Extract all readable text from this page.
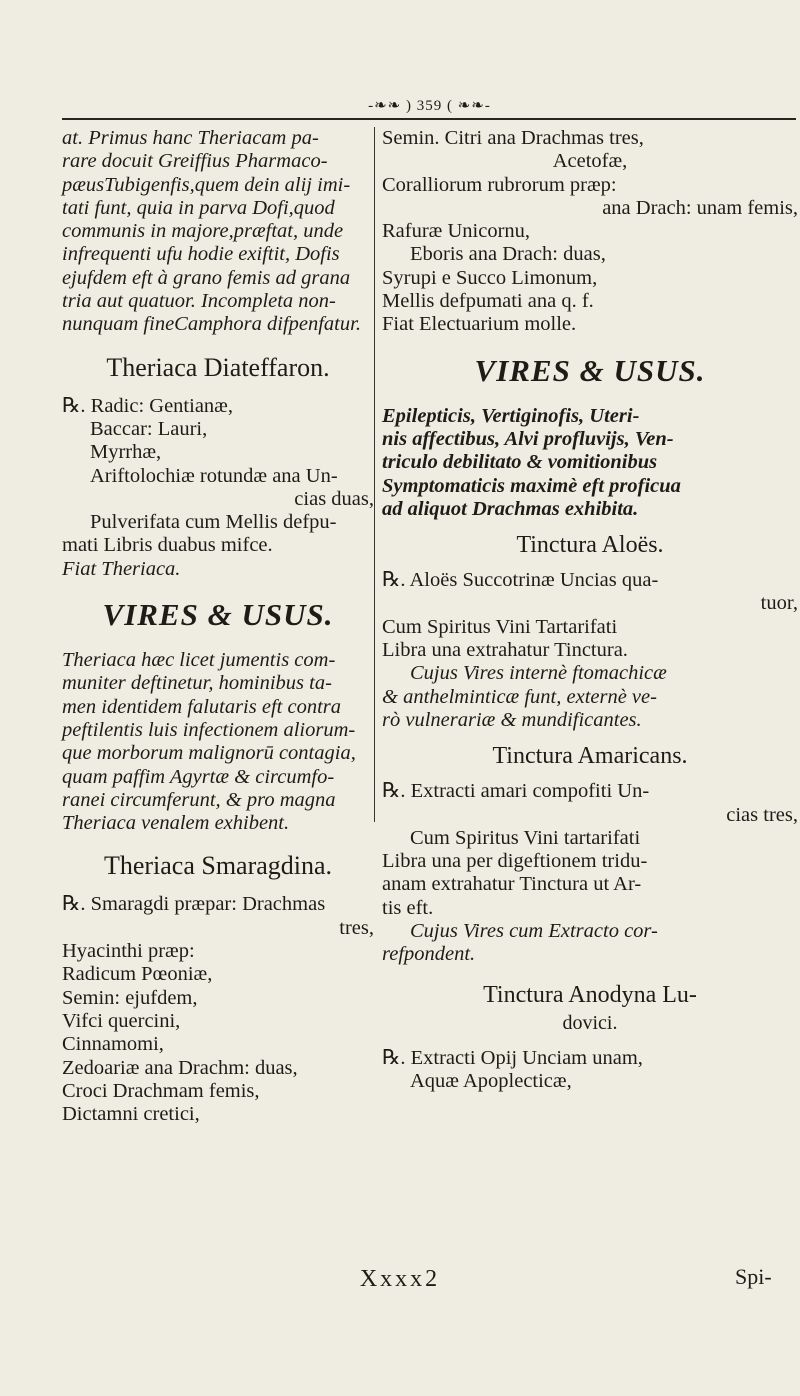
-❧❧ ) 359 ( ❧❧-
at. Primus hanc Theriacam pa-
rare docuit Greiffius Pharmaco-
pæusTubigenfis,quem dein alij imi-
tati funt, quia in parva Dofi,quod
communis in majore,præftat, unde
infrequenti ufu hodie exiftit, Dofis
ejufdem eft à grano femis ad grana
tria aut quatuor. Incompleta non-
nunquam fineCamphora difpenfatur.
Theriaca Diateffaron.
℞. Radic: Gentianæ,
Baccar: Lauri,
Myrrhæ,
Ariftolochiæ rotundæ ana Un-
cias duas,
Pulverifata cum Mellis defpu-
mati Libris duabus mifce.
Fiat Theriaca.
VIRES & USUS.
Theriaca hæc licet jumentis com-
muniter deftinetur, hominibus ta-
men identidem falutaris eft contra
peftilentis luis infectionem aliorum-
que morborum malignorū contagia,
quam paffim Agyrtæ & circumfo-
ranei circumferunt, & pro magna
Theriaca venalem exhibent.
Theriaca Smaragdina.
℞. Smaragdi præpar: Drachmas
tres,
Hyacinthi præp:
Radicum Pœoniæ,
Semin: ejufdem,
Vifci quercini,
Cinnamomi,
Zedoariæ ana Drachm: duas,
Croci Drachmam femis,
Dictamni cretici,
Semin. Citri ana Drachmas tres,
Acetofæ,
Coralliorum rubrorum præp:
ana Drach: unam femis,
Rafuræ Unicornu,
Eboris ana Drach: duas,
Syrupi e Succo Limonum,
Mellis defpumati ana q. f.
Fiat Electuarium molle.
VIRES & USUS.
Epilepticis, Vertiginofis, Uteri-
nis affectibus, Alvi profluvijs, Ven-
triculo debilitato & vomitionibus
Symptomaticis maximè eft proficua
ad aliquot Drachmas exhibita.
Tinctura Aloës.
℞. Aloës Succotrinæ Uncias qua-
tuor,
Cum Spiritus Vini Tartarifati
Libra una extrahatur Tinctura.
Cujus Vires internè ftomachicæ
& anthelminticæ funt, externè ve-
rò vulnerariæ & mundificantes.
Tinctura Amaricans.
℞. Extracti amari compofiti Un-
cias tres,
Cum Spiritus Vini tartarifati
Libra una per digeftionem tridu-
anam extrahatur Tinctura ut Ar-
tis eft.
Cujus Vires cum Extracto cor-
refpondent.
Tinctura Anodyna Lu-
dovici.
℞. Extracti Opij Unciam unam,
Aquæ Apoplecticæ,
Xxxx2	Spi-
